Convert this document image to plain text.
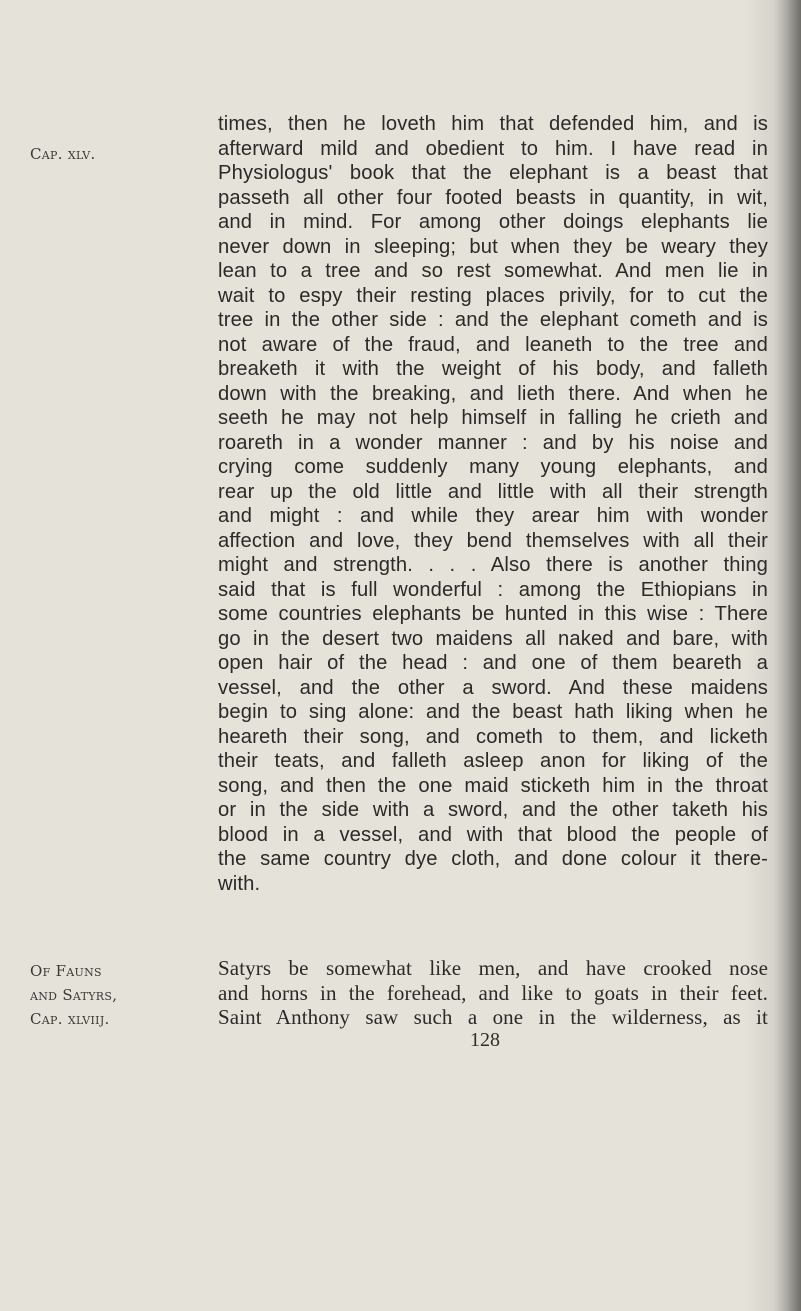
Cap. xlv.
times, then he loveth him that defended him, and is
afterward mild and obedient to him. I have read in
Physiologus' book that the elephant is a beast that
passeth all other four footed beasts in quantity, in wit,
and in mind. For among other doings elephants lie
never down in sleeping; but when they be weary they
lean to a tree and so rest somewhat. And men lie in
wait to espy their resting places privily, for to cut the
tree in the other side : and the elephant cometh and is
not aware of the fraud, and leaneth to the tree and
breaketh it with the weight of his body, and falleth
down with the breaking, and lieth there. And when he
seeth he may not help himself in falling he crieth and
roareth in a wonder manner : and by his noise and
crying come suddenly many young elephants, and
rear up the old little and little with all their strength
and might : and while they arear him with wonder
affection and love, they bend themselves with all their
might and strength. . . . Also there is another thing
said that is full wonderful : among the Ethiopians in
some countries elephants be hunted in this wise : There
go in the desert two maidens all naked and bare, with
open hair of the head : and one of them beareth a
vessel, and the other a sword. And these maidens
begin to sing alone: and the beast hath liking when he
heareth their song, and cometh to them, and licketh
their teats, and falleth asleep anon for liking of the
song, and then the one maid sticketh him in the throat
or in the side with a sword, and the other taketh his
blood in a vessel, and with that blood the people of
the same country dye cloth, and done colour it there-
with.
Of Fauns
and Satyrs,
Cap. xlviij.
Satyrs be somewhat like men, and have crooked nose
and horns in the forehead, and like to goats in their feet.
Saint Anthony saw such a one in the wilderness, as it
128
